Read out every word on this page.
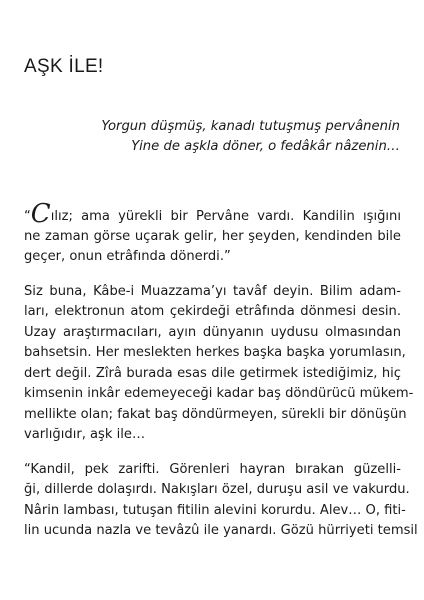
AŞK İLE!
Yorgun düşmüş, kanadı tutuşmuş pervânenin
Yine de aşkla döner, o fedâkâr nâzenin…
“Cılız; ama yürekli bir Pervâne vardı. Kandilin ışığını
ne zaman görse uçarak gelir, her şeyden, kendinden bile
geçer, onun etrâfında dönerdi.”
Siz buna, Kâbe-i Muazzama’yı tavâf deyin. Bilim adam-
ları, elektronun atom çekirdeği etrâfında dönmesi desin.
Uzay araştırmacıları, ayın dünyanın uydusu olmasından
bahsetsin. Her meslekten herkes başka başka yorumlasın,
dert değil. Zîrâ burada esas dile getirmek istediğimiz, hiç
kimsenin inkâr edemeyeceği kadar baş döndürücü mükem-
mellikte olan; fakat baş döndürmeyen, sürekli bir dönüşün
varlığıdır, aşk ile…
“Kandil, pek zarifti. Görenleri hayran bırakan güzelli-
ği, dillerde dolaşırdı. Nakışları özel, duruşu asil ve vakurdu.
Nârin lambası, tutuşan fitilin alevini korurdu. Alev… O, fiti-
lin ucunda nazla ve tevâzû ile yanardı. Gözü hürriyeti temsil
